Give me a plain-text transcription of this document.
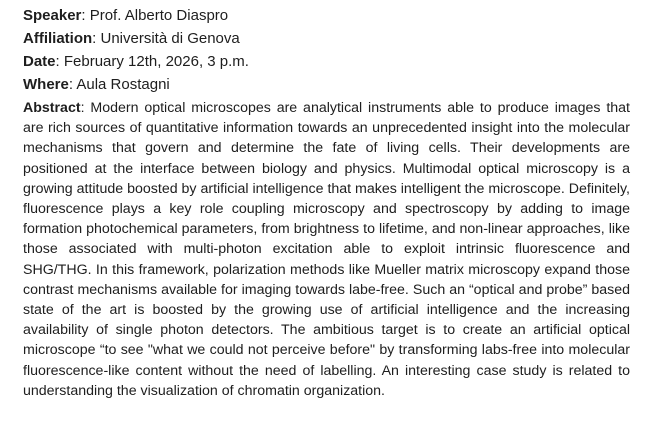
Speaker: Prof. Alberto Diaspro
Affiliation: Università di Genova
Date: February 12th, 2026, 3 p.m.
Where: Aula Rostagni
Abstract: Modern optical microscopes are analytical instruments able to produce images that are rich sources of quantitative information towards an unprecedented insight into the molecular mechanisms that govern and determine the fate of living cells. Their developments are positioned at the interface between biology and physics. Multimodal optical microscopy is a growing attitude boosted by artificial intelligence that makes intelligent the microscope. Definitely, fluorescence plays a key role coupling microscopy and spectroscopy by adding to image formation photochemical parameters, from brightness to lifetime, and non-linear approaches, like those associated with multi-photon excitation able to exploit intrinsic fluorescence and SHG/THG. In this framework, polarization methods like Mueller matrix microscopy expand those contrast mechanisms available for imaging towards labe-free. Such an “optical and probe” based state of the art is boosted by the growing use of artificial intelligence and the increasing availability of single photon detectors. The ambitious target is to create an artificial optical microscope “to see "what we could not perceive before" by transforming labs-free into molecular fluorescence-like content without the need of labelling. An interesting case study is related to understanding the visualization of chromatin organization.
